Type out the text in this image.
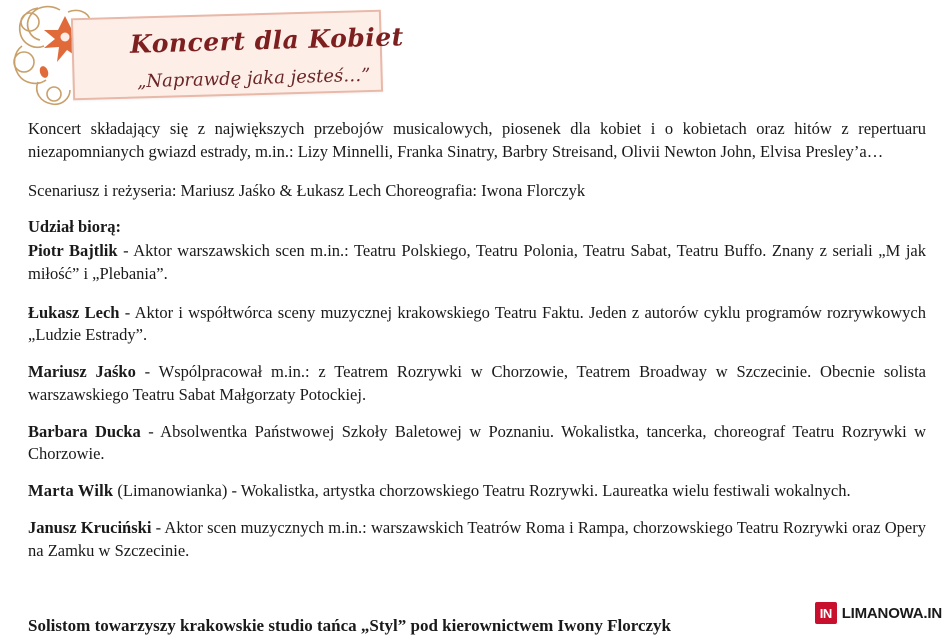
Koncert dla Kobiet
„Naprawdę jaka jesteś…”

Koncert składający się z największych przebojów musicalowych, piosenek dla kobiet i o kobietach oraz hitów z repertuaru niezapomnianych gwiazd estrady, m.in.: Lizy Minnelli, Franka Sinatry, Barbry Streisand, Olivii Newton John, Elvisa Presley’a…

Scenariusz i reżyseria: Mariusz Jaśko & Łukasz Lech Choreografia: Iwona Florczyk

Udział biorą:

Piotr Bajtlik - Aktor warszawskich scen m.in.: Teatru Polskiego, Teatru Polonia, Teatru Sabat, Teatru Buffo. Znany z seriali „M jak miłość” i „Plebania”.

Łukasz Lech - Aktor i współtwórca sceny muzycznej krakowskiego Teatru Faktu. Jeden z autorów cyklu programów rozrywkowych „Ludzie Estrady”.

Mariusz Jaśko - Wspólpracował m.in.: z Teatrem Rozrywki w Chorzowie, Teatrem Broadway w Szczecinie. Obecnie solista warszawskiego Teatru Sabat Małgorzaty Potockiej.

Barbara Ducka - Absolwentka Państwowej Szkoły Baletowej w Poznaniu. Wokalistka, tancerka, choreograf Teatru Rozrywki w Chorzowie.

Marta Wilk (Limanowianka) - Wokalistka, artystka chorzowskiego Teatru Rozrywki. Laureatka wielu festiwali wokalnych.

Janusz Kruciński - Aktor scen muzycznych m.in.: warszawskich Teatrów Roma i Rampa, chorzowskiego Teatru Rozrywki oraz Opery na Zamku w Szczecinie.

Solistom towarzyszy krakowskie studio tańca „Styl” pod kierownictwem Iwony Florczyk
IN LIMANOWA.IN
